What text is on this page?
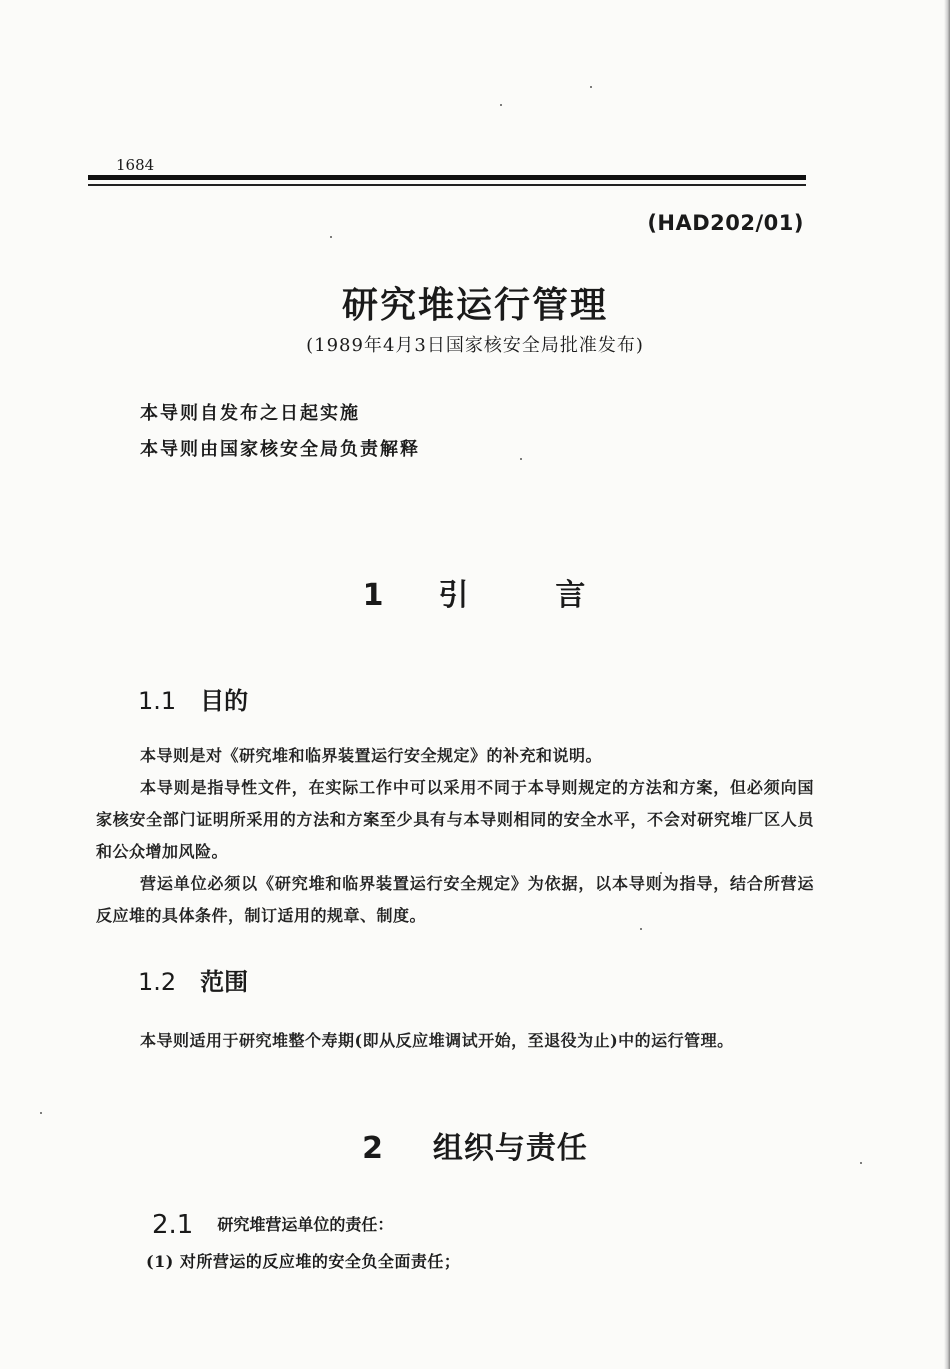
1684
(HAD202/01)
研究堆运行管理
(1989年4月3日国家核安全局批准发布)
本导则自发布之日起实施
本导则由国家核安全局负责解释
1 引	言
1.1 目的

本导则是对《研究堆和临界装置运行安全规定》的补充和说明。

本导则是指导性文件，在实际工作中可以采用不同于本导则规定的方法和方案，但必须向国家核安全部门证明所采用的方法和方案至少具有与本导则相同的安全水平，不会对研究堆厂区人员和公众增加风险。

营运单位必须以《研究堆和临界装置运行安全规定》为依据，以本导则为指导，结合所营运反应堆的具体条件，制订适用的规章、制度。

1.2 范围

本导则适用于研究堆整个寿期(即从反应堆调试开始，至退役为止)中的运行管理。

2 组织与责任
2.1 研究堆营运单位的责任：
(1) 对所营运的反应堆的安全负全面责任；
